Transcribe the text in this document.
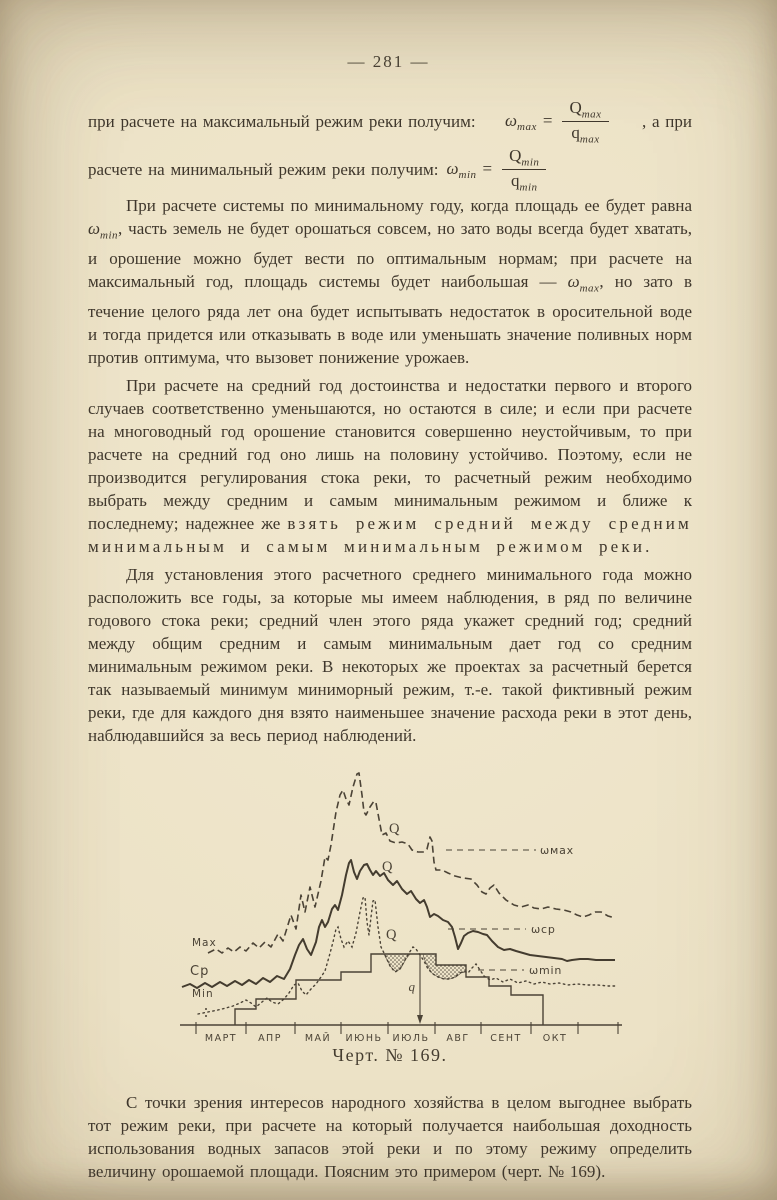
— 281 —
при расчете на максимальный режим реки получим: $\omega_{max} = \frac{Q_{max}}{q_{max}}$ , а при
расчете на минимальный режим реки получим: $\omega_{min} = \frac{Q_{min}}{q_{min}}$

При расчете системы по минимальному году, когда площадь ее будет равна $\omega_{min}$, часть земель не будет орошаться совсем, но зато воды всегда будет хватать, и орошение можно будет вести по оптимальным нормам; при расчете на максимальный год, площадь системы будет наибольшая — $\omega_{max}$, но зато в течение целого ряда лет она будет испытывать недостаток в оросительной воде и тогда придется или отказывать в воде или уменьшать значение поливных норм против оптимума, что вызовет понижение урожаев.

При расчете на средний год достоинства и недостатки первого и второго случаев соответственно уменьшаются, но остаются в силе; и если при расчете на многоводный год орошение становится совершенно неустойчивым, то при расчете на средний год оно лишь на половину устойчиво. Поэтому, если не производится регулирования стока реки, то расчетный режим необходимо выбрать между средним и самым минимальным режимом и ближе к последнему; надежнее же взять режим средний между средним минимальным и самым минимальным режимом реки.

Для установления этого расчетного среднего минимального года можно расположить все годы, за которые мы имеем наблюдения, в ряд по величине годового стока реки; средний член этого ряда укажет средний год; средний между общим средним и самым минимальным дает год со средним минимальным режимом реки. В некоторых же проектах за расчетный берется так называемый минимум миниморный режим, т.-е. такой фиктивный режим реки, где для каждого дня взято наименьшее значение расхода реки в этот день, наблюдавшийся за весь период наблюдений.

q
МАРТ АПР МАЙ ИЮНЬ ИЮЛЬ АВГ СЕНТ ОКТ
Мах
Ср
Min
Q
Q
Q
ωмах
ωср
ωmin
Черт. № 169.

С точки зрения интересов народного хозяйства в целом выгоднее выбрать тот режим реки, при расчете на который получается наибольшая доходность использования водных запасов этой реки и по этому режиму определить величину орошаемой площади. Поясним это примером (черт. № 169).
